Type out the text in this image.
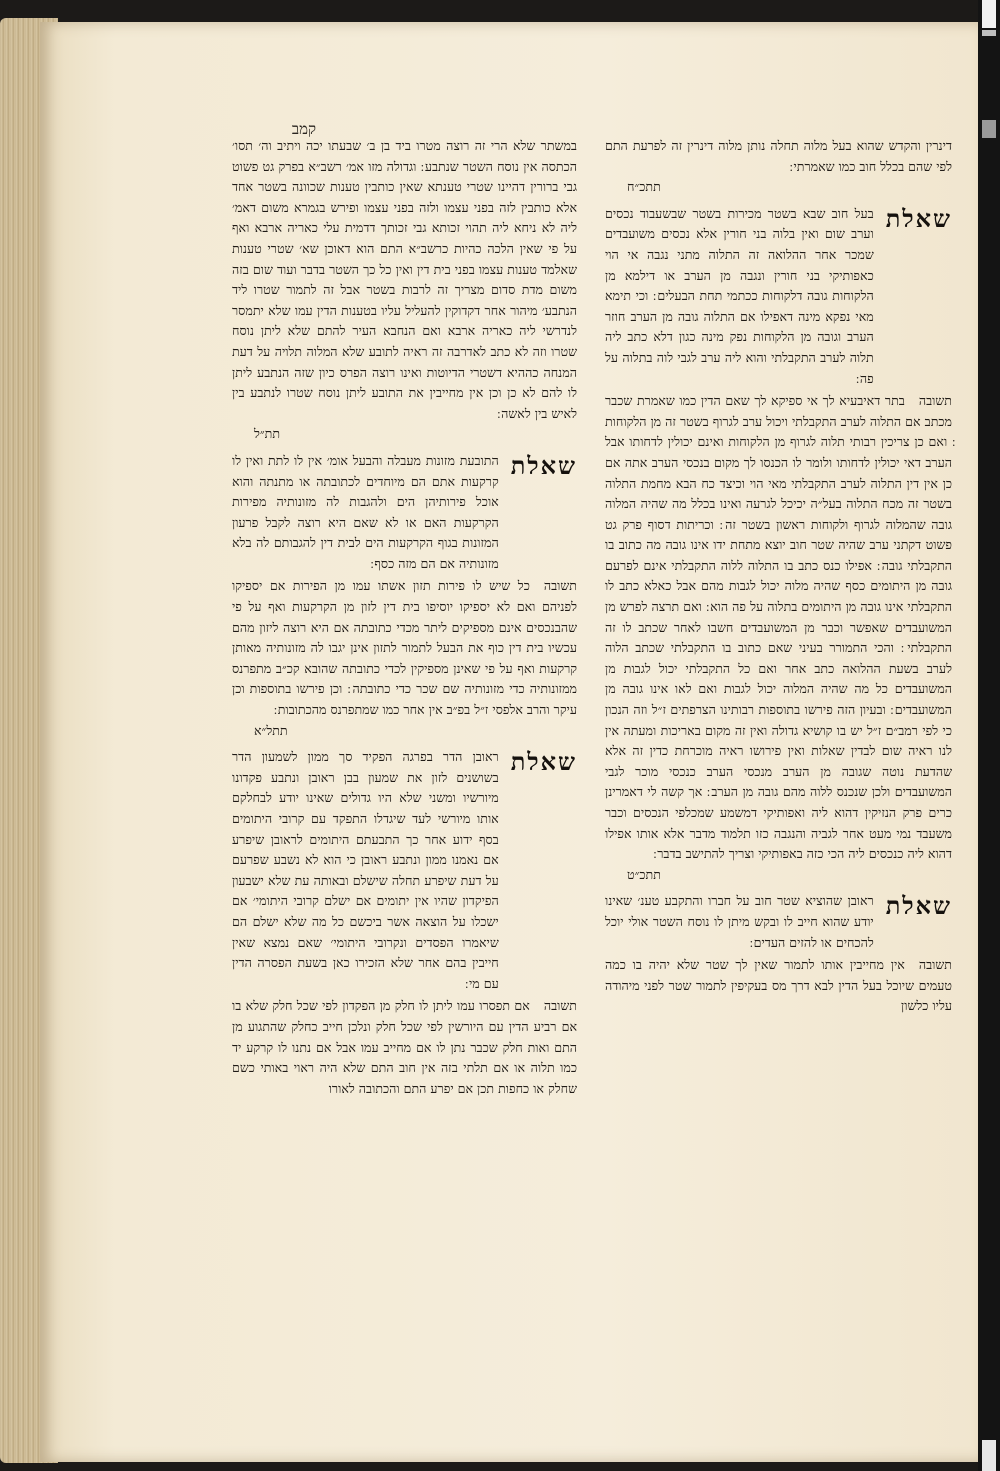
קמב

דינרין והקדש שהוא בעל מלוה תחלה נותן מלוה דינרין זה לפרעת התם לפי שהם בכלל חוב כמו שאמרתי ׃

תתכ״ח

שאלת
בעל חוב שבא בשטר מכירות בשטר שבשעבוד נכסים וערב שום ואין בלוה בני חורין אלא נכסים משועבדים שמכר אחר ההלואה זה התלוה מתני נגבה אי הוי כאפותיקי בני חורין ונגבה מן הערב או דילמא מן הלקוחות גובה דלקוחות ככתמי תחת הבעלים ׃ וכי תימא מאי נפקא מינה דאפילו אם התלוה גובה מן הערב חוזר הערב וגובה מן הלקוחות נפק מינה כגון דלא כתב ליה תלוה לערב התקבלתי והוא ליה ערב לגבי לוה בתלוה על פה ׃

תשובה
בתר דאיבעיא לך אי ספיקא לך שאם הדין כמו שאמרת שכבר מכתב אם התלוה לערב התקבלתי ויכול ערב לגרוף בשטר זה מן הלקוחות ׃ ואם כן צריכין רבותי תלוה לגרוף מן הלקוחות ואינם יכולין לדחותו אבל הערב דאי יכולין לדחותו ולומר לו הכנסו לך מקום בנכסי הערב אתה אם כן אין דין התלוה לערב התקבלתי מאי הוי וכיצד כח הבא מחמת התלוה בשטר זה מכח התלוה בעל״ה יכיכל לגרעה ואינו בכלל מה שהיה המלוה גובה שהמלוה לגרוף ולקוחות ראשון בשטר זה ׃ וכריתות דסוף פרק גט פשוט דקתני ערב שהיה שטר חוב יוצא מתחת ידו אינו גובה מה כתוב בו התקבלתי גובה ׃ אפילו כנס כתב בו התלוה ללוה התקבלתי אינם לפרעם גובה מן היתומים כסף שהיה מלוה יכול לגבות מהם אבל כאלא כתב לו התקבלתי אינו גובה מן היתומים בתלוה על פה הוא ׃ ואם תרצה לפרש מן המשועבדים שאפשר וכבר מן המשועבדים חשבו לאחר שכתב לו זה התקבלתי ׃ והכי התמורר בעיני שאם כתוב בו התקבלתי שכתב הלוה לערב בשעת ההלואה כתב אחר ואם כל התקבלתי יכול לגבות מן המשועבדים כל מה שהיה המלוה יכול לגבות ואם לאו אינו גובה מן המשועבדים ׃ ובעיון הזה פירשו בתוספות רבותינו הצרפתים ז״ל וזה הנכון כי לפי רמב״ם ז״ל יש בו קושיא גדולה ואין זה מקום באריכות ומעתה אין לנו ראיה שום לבדין שאלות ואין פירושו ראיה מוכרחת כדין זה אלא שהדעת נוטה שגובה מן הערב מנכסי הערב כנכסי מוכר לגבי המשועבדים ולכן שנכנס ללוה מהם גובה מן הערב ׃ אך קשה לי דאמרינן כרים פרק הנזיקין דהוא ליה ואפותיקי דמשמע שמכלפי הנכסים וכבר משעבד נמי מעט אחר לגביה והנגבה כזו תלמוד מדבר אלא אותו אפילו דהוא ליה כנכסים ליה הכי כזה באפותיקי וצריך להתישב בדבר ׃

תתכ״ט

שאלת
ראובן שהוציא שטר חוב על חברו והתקבע טענ׳ שאינו יודע שהוא חייב לו ובקש מיתן לו נוסח השטר אולי יוכל להכחים או להזים העדים ׃

תשובה
אין מחייבין אותו לתמור שאין לך שטר שלא יהיה בו כמה טעמים שיוכל בעל הדין לבא דרך מס בעקיפין לתמור שטר לפני מיהודה עליו כלשון

במשתר שלא הרי זה רוצה מטרו ביד בן ב׳ שבעתו יכה ויתיב וה׳ תסו׳ הכתסה אין נוסח השטר שנתבע ׃ וגדולה מזו אמ׳ רשב״א בפרק גט פשוט גבי ברורין דהיינו שטרי טענתא שאין כותבין טענות שכוונה בשטר אחד אלא כותבין לזה בפני עצמו ולזה בפני עצמו ופירש בגמרא משום דאמ׳ ליה לא ניחא ליה תהוי זכותא גבי זכותך דדמית עלי כאריה ארבא ואף על פי שאין הלכה כהיות כרשב״א התם הוא דאוכן שא׳ שטרי טענות שאלמד טענות עצמו בפני בית דין ואין כל כך השטר בדבר ועוד שום בזה משום מדת סדום מצריך זה לרבות בשטר אבל זה לתמור שטרו ליד הנתבע׳ מיהור אחר דקדוקין להעליל עליו בטענות הדין עמו שלא יתמסר לנדרשי ליה כאריה ארבא ואם הנחבא העיר להתם שלא ליתן נוסח שטרו וזה לא כתב לאדרבה זה ראיה לתובע שלא המלוה תלויה על דעת המנחה כההיא דשטרי הדיוטות ואינו רוצה הפרס כיון שזה הנתבע ליתן לו להם לא כן וכן אין מחייבין את התובע ליתן נוסח שטרו לנתבע בין לאיש בין לאשה ׃

תת״ל

שאלת
התובעת מזונות מעבלה והבעל אומ׳ אין לו לתת ואין לו קרקעות אתם הם מיוחדים לכתובתה או מתנתה והוא אוכל פירותיהן הים ולהגבות לה מזונותיה מפירות הקרקעות האם או לא שאם היא רוצה לקבל פרעון המזונות בגוף הקרקעות הים לבית דין להגבותם לה בלא מזונותיה אם הם מזה כסף ׃

תשובה
כל שיש לו פירות תזון אשתו עמו מן הפירות אם יספיקו לפניהם ואם לא יספיקו יוסיפו בית דין לזון מן הקרקעות ואף על פי שהבנכסים אינם מספיקים ליתר מכדי כתובתה אם היא רוצה ליזון מהם עכשיו בית דין כוף את הבעל לתמור לתזון אינן יגבו לה מזונותיה מאותן קרקעות ואף על פי שאינן מספיקין לכדי כתובתה שהובא קכ״ב מתפרנס ממזונותיה כדי מזונותיה שם שכר כדי כתובתה ׃ וכן פירשו בתוספות וכן עיקר והרב אלפסי ז״ל בפ״ב אין אחר כמו שמתפרנס מהכתובות ׃

תתל״א

שאלת
ראובן הדר בפרגה הפקיד סך ממון לשמעון הדר בשושנים לזון את שמעון בבן ראובן ונתבע פקדונו מיורשיו ומשני שלא היו גדולים שאינו יודע לבחלקם אותו מיורשי לעד שיגדלו התפקד עם קרובי היתומים בסף ידוע אחר כך התבעתם היתומים לראובן שיפרע אם נאמנו ממון ונתבע ראובן כי הוא לא נשבע שפרעם על דעת שיפרע תחלה שישלם ובאותה עת שלא ישבעון הפיקדון שהיו אין יתומים אם ישלם קרובי היתומי׳ אם ישכלו על הוצאה אשר ביכשם כל מה שלא ישלם הם שיאמרו הפסדים ונקרובי היתומי׳ שאם נמצא שאין חייבין בהם אחר שלא הזכירו כאן בשעת הפסרה הדין עם מי ׃

תשובה
אם תפסרו עמו ליתן לו חלק מן הפקדון לפי שכל חלק שלא בו אם רביע הדין עם היורשין לפי שכל חלק ונלכן חייב כחלק שהתגוע מן התם ואות חלק שכבר נתן לו אם מחייב עמו אבל אם נתנו לו קרקע יד כמו תלוה או אם תלתי בזה אין חוב התם שלא היה ראוי באותי כשם שחלק או כחפות תכן אם יפרע התם והכתובה לאורו
